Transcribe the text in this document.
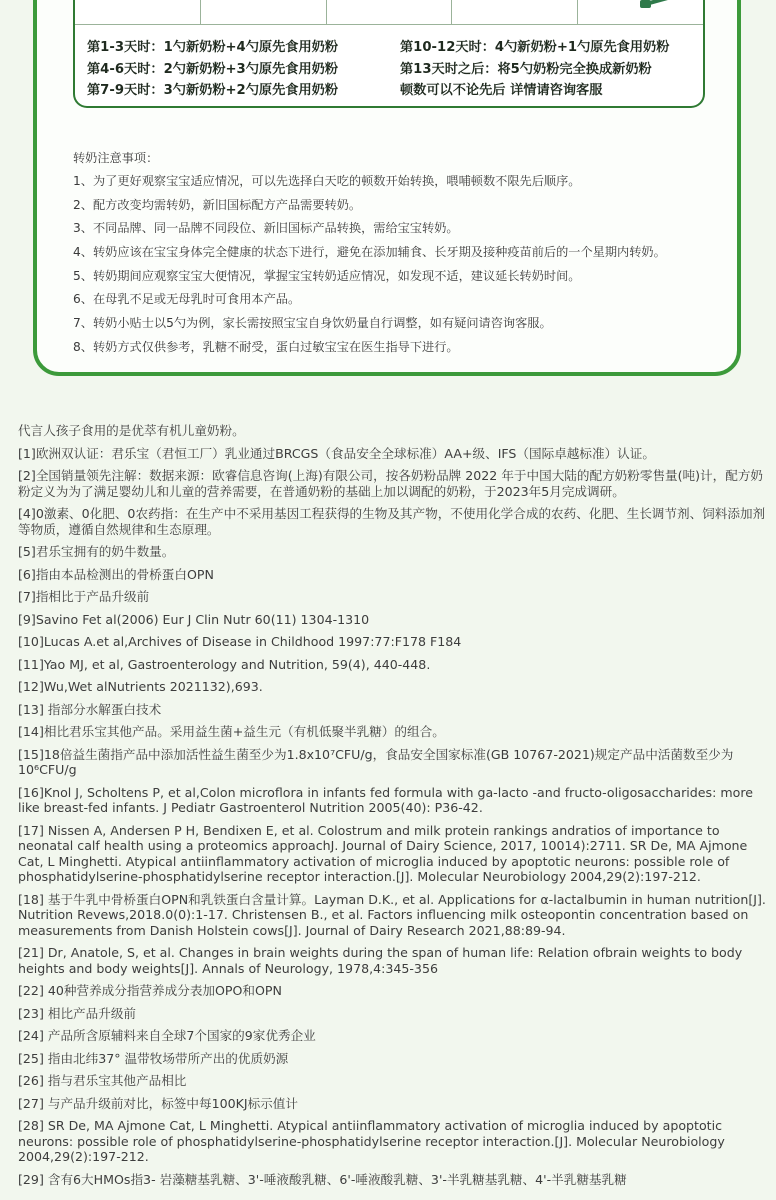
第1-3天时：1勺新奶粉+4勺原先食用奶粉	第10-12天时：4勺新奶粉+1勺原先食用奶粉
第4-6天时：2勺新奶粉+3勺原先食用奶粉	第13天时之后：将5勺奶粉完全换成新奶粉
第7-9天时：3勺新奶粉+2勺原先食用奶粉	顿数可以不论先后 详情请咨询客服
转奶注意事项：
1、为了更好观察宝宝适应情况，可以先选择白天吃的顿数开始转换，喂哺顿数不限先后顺序。
2、配方改变均需转奶，新旧国标配方产品需要转奶。
3、不同品牌、同一品牌不同段位、新旧国标产品转换，需给宝宝转奶。
4、转奶应该在宝宝身体完全健康的状态下进行，避免在添加辅食、长牙期及接种疫苗前后的一个星期内转奶。
5、转奶期间应观察宝宝大便情况，掌握宝宝转奶适应情况，如发现不适，建议延长转奶时间。
6、在母乳不足或无母乳时可食用本产品。
7、转奶小贴士以5勺为例，家长需按照宝宝自身饮奶量自行调整，如有疑问请咨询客服。
8、转奶方式仅供参考，乳糖不耐受，蛋白过敏宝宝在医生指导下进行。
代言人孩子食用的是优萃有机儿童奶粉。
[1]欧洲双认证：君乐宝（君恒工厂）乳业通过BRCGS（食品安全全球标准）AA+级、IFS（国际卓越标准）认证。
[2]全国销量领先注解：数据来源：欧睿信息咨询(上海)有限公司，按各奶粉品牌 2022 年于中国大陆的配方奶粉零售量(吨)计，配方奶粉定义为为了满足婴幼儿和儿童的营养需要，在普通奶粉的基础上加以调配的奶粉，于2023年5月完成调研。
[4]0激素、0化肥、0农药指：在生产中不采用基因工程获得的生物及其产物，不使用化学合成的农药、化肥、生长调节剂、饲料添加剂等物质，遵循自然规律和生态原理。
[5]君乐宝拥有的奶牛数量。
[6]指由本品检测出的骨桥蛋白OPN
[7]指相比于产品升级前
[9]Savino Fet al(2006) Eur J Clin Nutr 60(11) 1304-1310
[10]Lucas A.et al,Archives of Disease in Childhood 1997:77:F178 F184
[11]Yao MJ, et al, Gastroenterology and Nutrition, 59(4), 440-448.
[12]Wu,Wet alNutrients 2021132),693.
[13] 指部分水解蛋白技术
[14]相比君乐宝其他产品。采用益生菌+益生元（有机低聚半乳糖）的组合。
[15]18倍益生菌指产品中添加活性益生菌至少为1.8x10⁷CFU/g，食品安全国家标准(GB 10767-2021)规定产品中活菌数至少为10⁶CFU/g
[16]Knol J, Scholtens P, et al,Colon microflora in infants fed formula with ga-lacto -and fructo-oligosaccharides: more like breast-fed infants. J Pediatr Gastroenterol Nutrition 2005(40): P36-42.
[17] Nissen A, Andersen P H, Bendixen E, et al. Colostrum and milk protein rankings andratios of importance to neonatal calf health using a proteomics approachJ. Journal of Dairy Science, 2017, 10014):2711. SR De, MA Ajmone Cat, L Minghetti. Atypical antiinflammatory activation of microglia induced by apoptotic neurons: possible role of phosphatidylserine-phosphatidylserine receptor interaction.[J]. Molecular Neurobiology 2004,29(2):197-212.
[18] 基于牛乳中骨桥蛋白OPN和乳铁蛋白含量计算。Layman D.K., et al. Applications for α-lactalbumin in human nutrition[J]. Nutrition Revews,2018.0(0):1-17. Christensen B., et al. Factors influencing milk osteopontin concentration based on measurements from Danish Holstein cows[J]. Journal of Dairy Research 2021,88:89-94.
[21] Dr, Anatole, S, et al. Changes in brain weights during the span of human life: Relation ofbrain weights to body heights and body weights[J]. Annals of Neurology, 1978,4:345-356
[22] 40种营养成分指营养成分表加OPO和OPN
[23] 相比产品升级前
[24] 产品所含原辅料来自全球7个国家的9家优秀企业
[25] 指由北纬37° 温带牧场带所产出的优质奶源
[26] 指与君乐宝其他产品相比
[27] 与产品升级前对比，标签中每100KJ标示值计
[28] SR De, MA Ajmone Cat, L Minghetti. Atypical antiinflammatory activation of microglia induced by apoptotic neurons: possible role of phosphatidylserine-phosphatidylserine receptor interaction.[J]. Molecular Neurobiology 2004,29(2):197-212.
[29] 含有6大HMOs指3- 岩藻糖基乳糖、3'-唾液酸乳糖、6'-唾液酸乳糖、3'-半乳糖基乳糖、4'-半乳糖基乳糖
